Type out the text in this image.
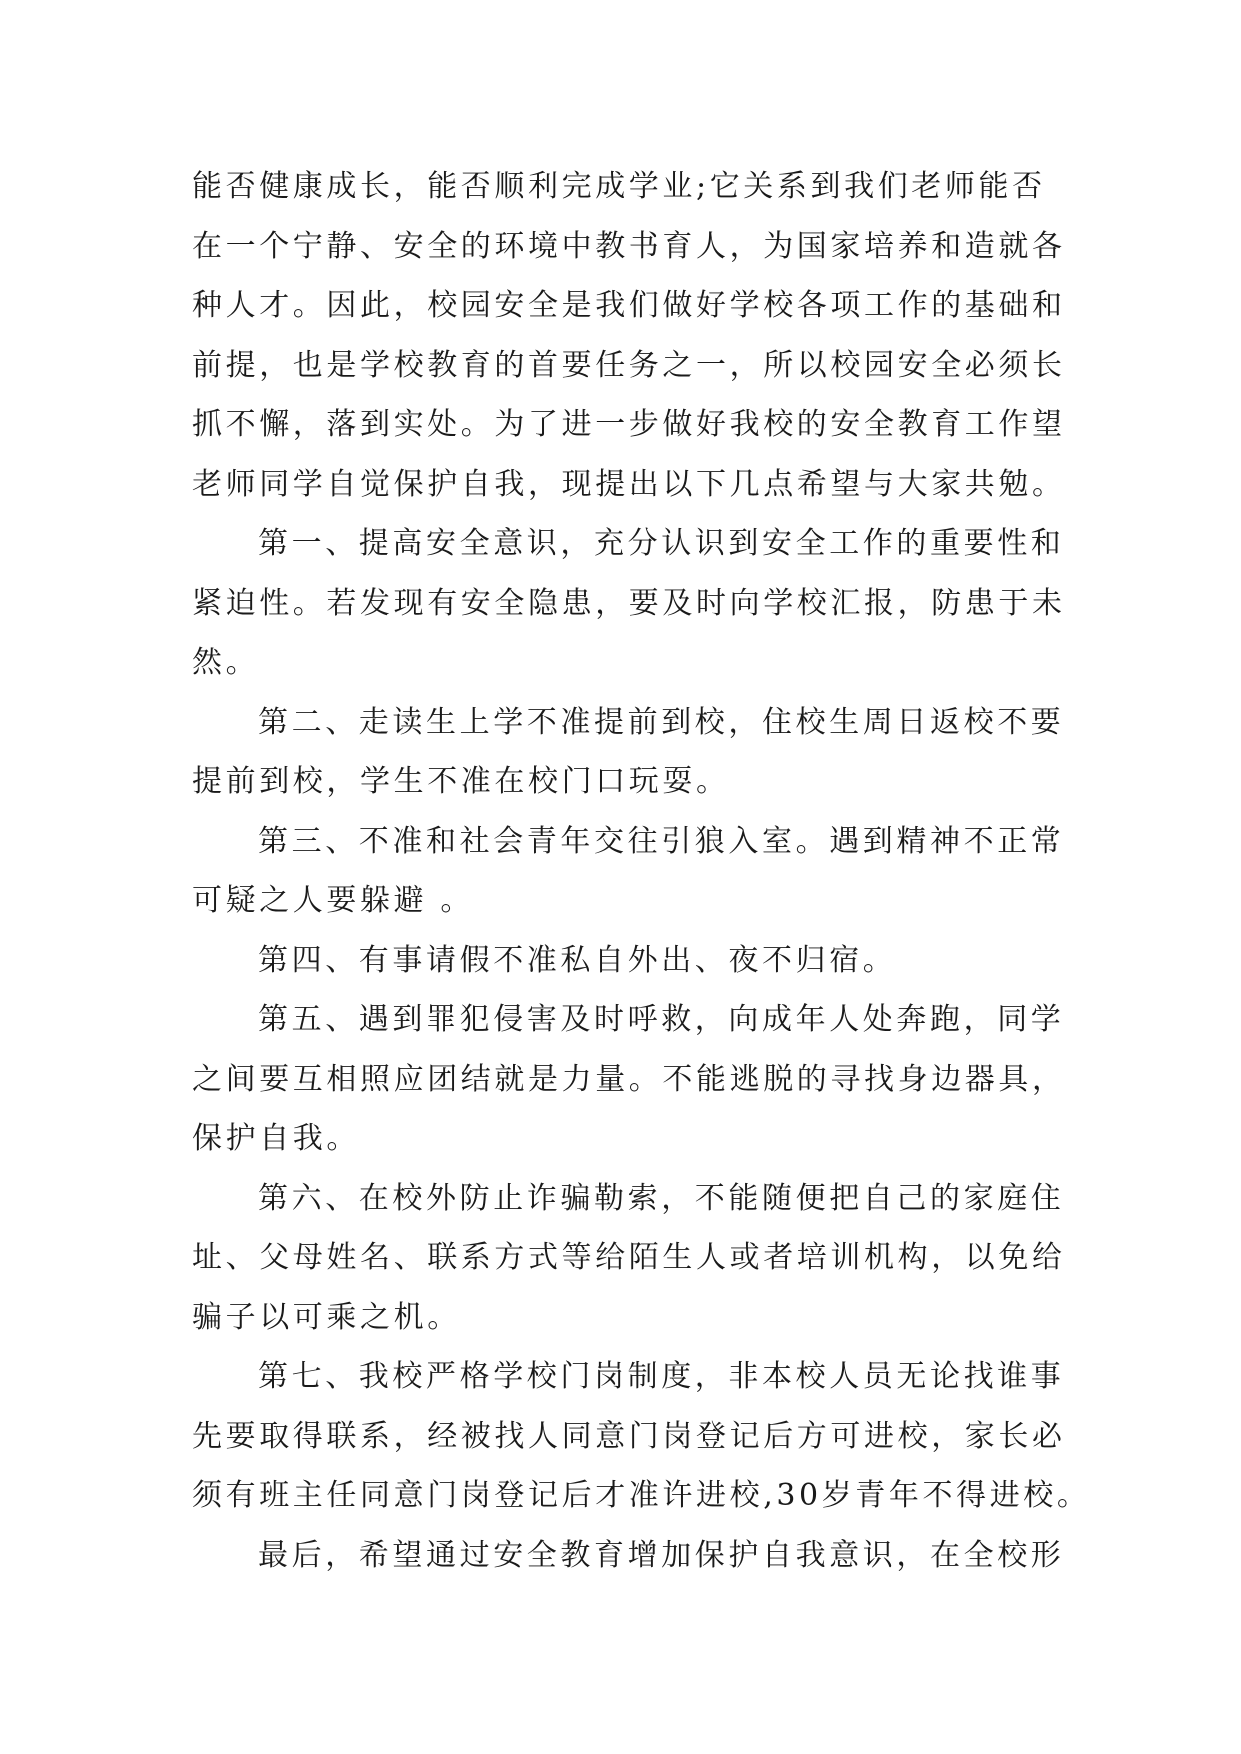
能否健康成长，能否顺利完成学业;它关系到我们老师能否
在一个宁静、安全的环境中教书育人，为国家培养和造就各
种人才。因此，校园安全是我们做好学校各项工作的基础和
前提，也是学校教育的首要任务之一，所以校园安全必须长
抓不懈，落到实处。为了进一步做好我校的安全教育工作望
老师同学自觉保护自我，现提出以下几点希望与大家共勉。
第一、提高安全意识，充分认识到安全工作的重要性和
紧迫性。若发现有安全隐患，要及时向学校汇报，防患于未
然。
第二、走读生上学不准提前到校，住校生周日返校不要
提前到校，学生不准在校门口玩耍。
第三、不准和社会青年交往引狼入室。遇到精神不正常
可疑之人要躲避 。
第四、有事请假不准私自外出、夜不归宿。
第五、遇到罪犯侵害及时呼救，向成年人处奔跑，同学
之间要互相照应团结就是力量。不能逃脱的寻找身边器具，
保护自我。
第六、在校外防止诈骗勒索，不能随便把自己的家庭住
址、父母姓名、联系方式等给陌生人或者培训机构，以免给
骗子以可乘之机。
第七、我校严格学校门岗制度，非本校人员无论找谁事
先要取得联系，经被找人同意门岗登记后方可进校，家长必
须有班主任同意门岗登记后才准许进校,30岁青年不得进校。
最后，希望通过安全教育增加保护自我意识，在全校形
